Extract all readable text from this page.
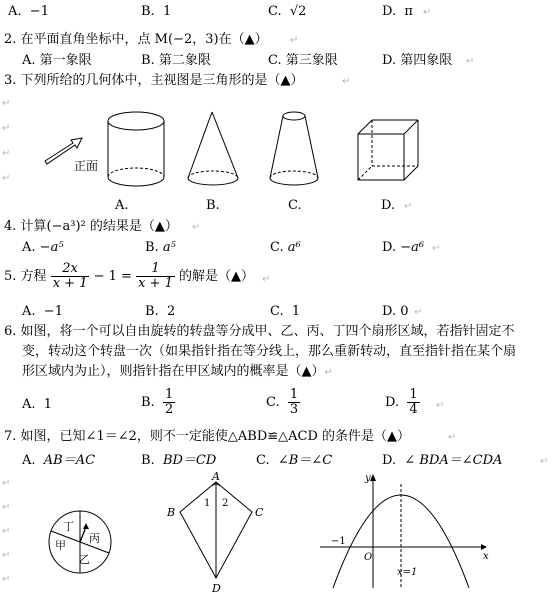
A. −1	B. 1	C. √2	D. π ↵
2. 在平面直角坐标中，点 M(−2，3)在（▲） ↵
A. 第一象限	B. 第二象限	C. 第三象限	D. 第四象限 ↵
3. 下列所给的几何体中，主视图是三角形的是（▲）	↵
↵
↵
↵
↵
正面
A.	B.	C.	D. ↵
4. 计算(−a³)² 的结果是（▲） ↵
A. −a⁵	B. a⁵	C. a⁶	D. −a⁶ ↵
5. 方程 $\frac{2x}{x + 1} - 1 = \frac{1}{x + 1}$ 的解是（▲） ↵
A. −1	B. 2	C. 1	D. 0 ↵
6. 如图，将一个可以自由旋转的转盘等分成甲、乙、丙、丁四个扇形区域，若指针固定不
变，转动这个转盘一次（如果指针指在等分线上，那么重新转动，直至指针指在某个扇
形区域内为止），则指针指在甲区域内的概率是（▲）↵
A. 1	B. $\frac{1}{2}$	C. $\frac{1}{3}$	D. $\frac{1}{4}$ ↵
7. 如图，已知∠1＝∠2，则不一定能使△ABD≌△ACD 的条件是（▲）	↵
A. AB＝AC	B. BD＝CD	C. ∠B＝∠C	D. ∠ BDA＝∠CDA	↵
↵
↵
↵
↵
↵
丁
丙
甲
乙
A
B	C
D
1 2
y
x
O
−1
x=1
